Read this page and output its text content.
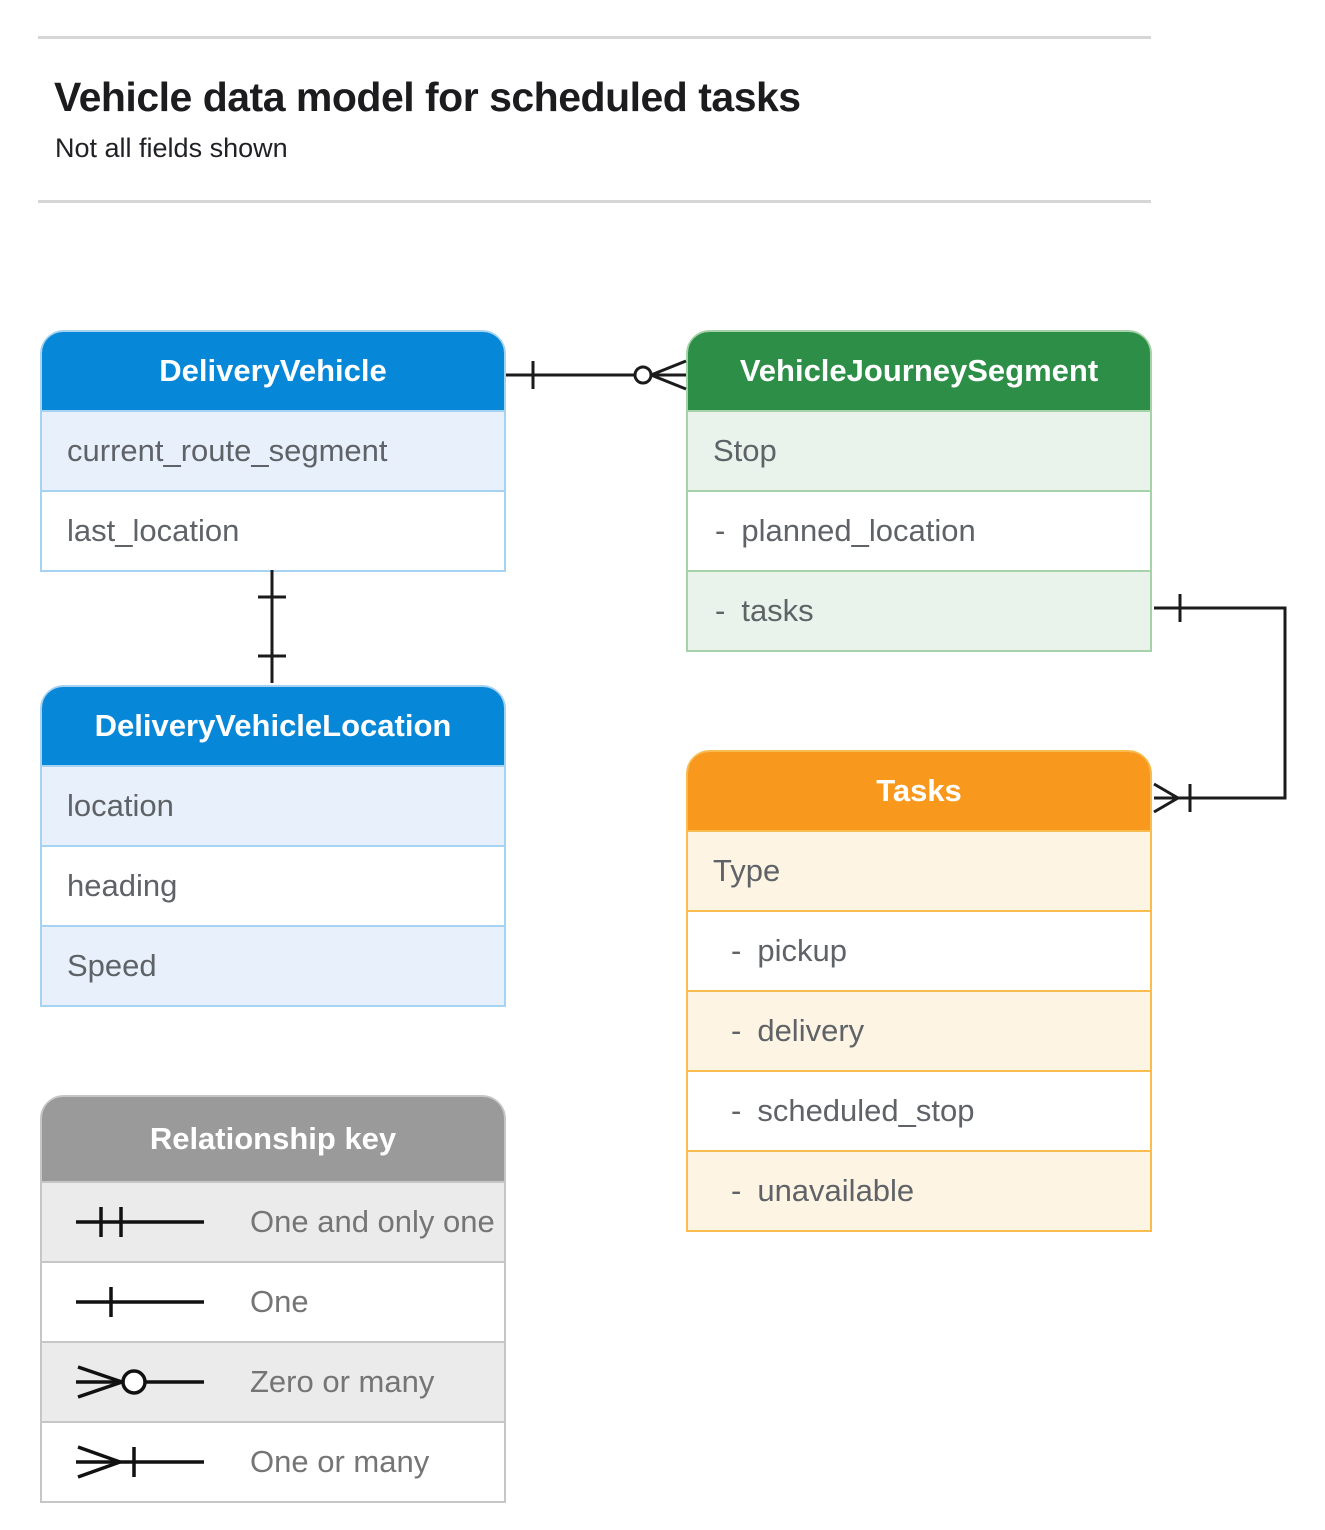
Vehicle data model for scheduled tasks
Not all fields shown
DeliveryVehicle
current_route_segment
last_location
VehicleJourneySegment
Stop
- planned_location
- tasks
DeliveryVehicleLocation
location
heading
Speed
Tasks
Type
- pickup
- delivery
- scheduled_stop
- unavailable
Relationship key
One and only one
One
Zero or many
One or many
